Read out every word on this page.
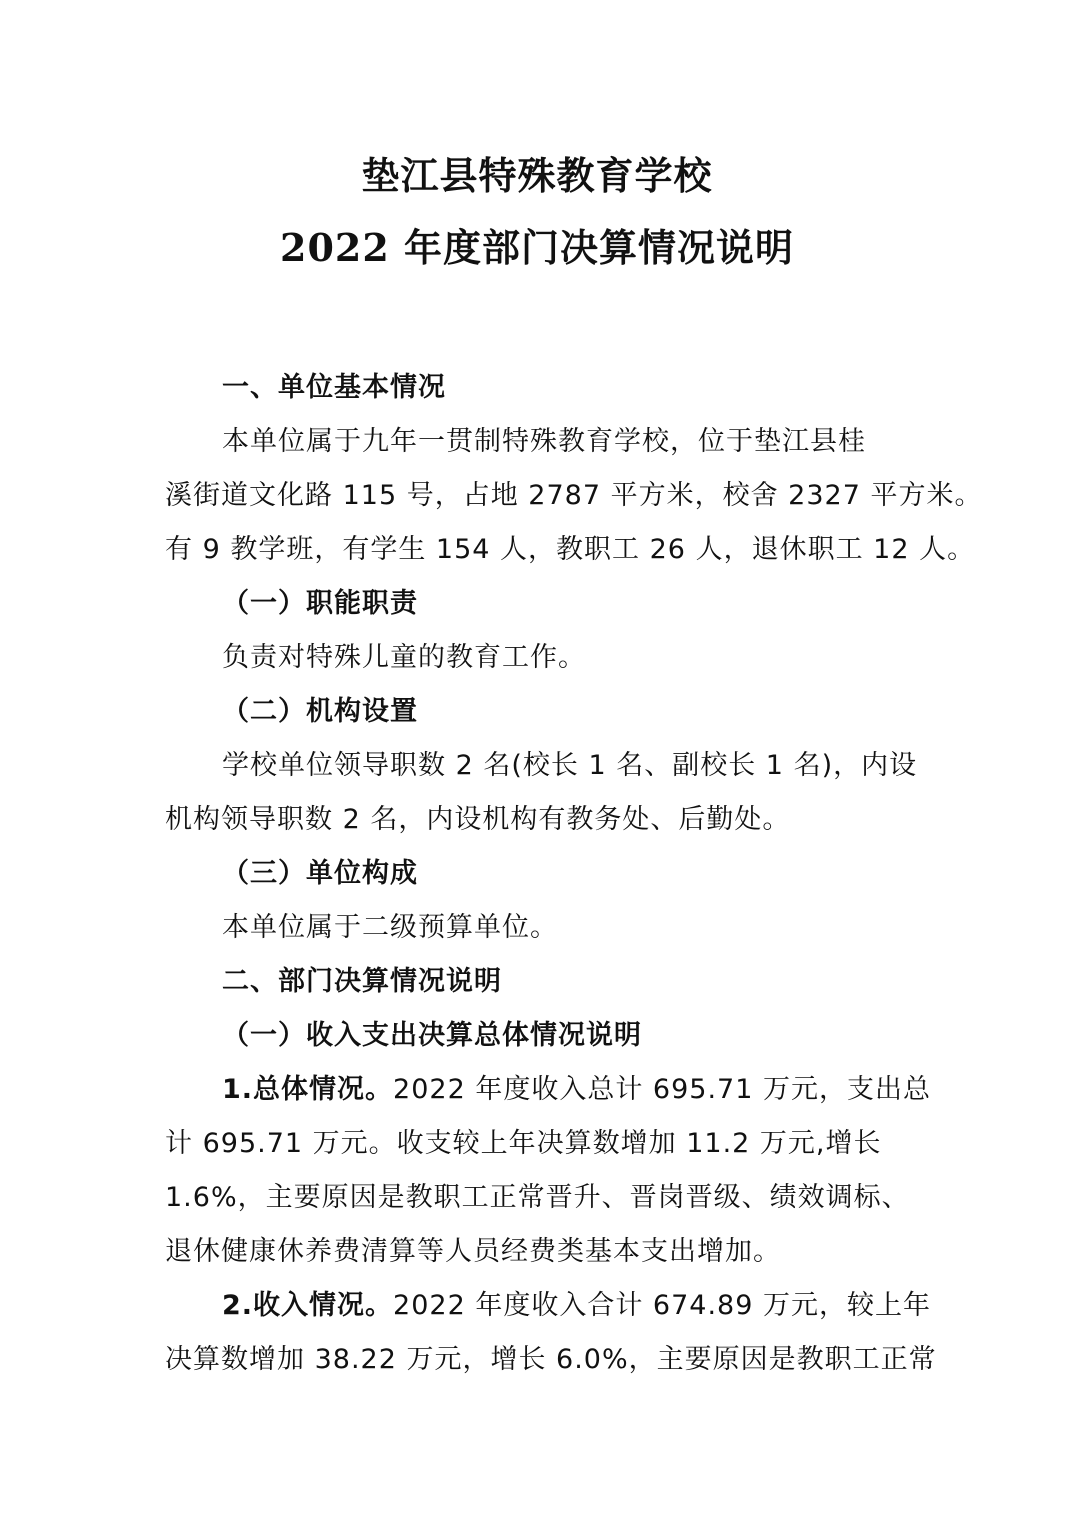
垫江县特殊教育学校
2022 年度部门决算情况说明

一、单位基本情况

本单位属于九年一贯制特殊教育学校，位于垫江县桂

溪街道文化路 115 号，占地 2787 平方米，校舍 2327 平方米。

有 9 教学班，有学生 154 人，教职工 26 人，退休职工 12 人。

（一）职能职责

负责对特殊儿童的教育工作。

（二）机构设置

学校单位领导职数 2 名(校长 1 名、副校长 1 名)，内设

机构领导职数 2 名，内设机构有教务处、后勤处。

（三）单位构成

本单位属于二级预算单位。

二、部门决算情况说明

（一）收入支出决算总体情况说明

1.总体情况。2022 年度收入总计 695.71 万元，支出总

计 695.71 万元。收支较上年决算数增加 11.2 万元,增长

1.6%，主要原因是教职工正常晋升、晋岗晋级、绩效调标、

退休健康休养费清算等人员经费类基本支出增加。

2.收入情况。2022 年度收入合计 674.89 万元，较上年

决算数增加 38.22 万元，增长 6.0%，主要原因是教职工正常
